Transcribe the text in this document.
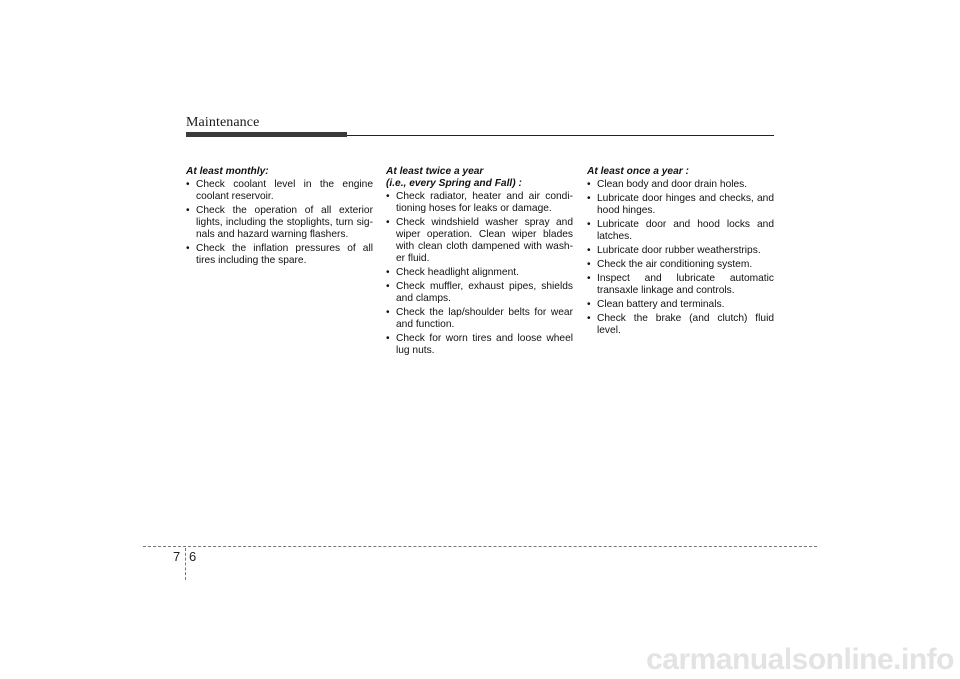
Maintenance
At least monthly:
• Check coolant level in the engine coolant reservoir.
• Check the operation of all exterior lights, including the stoplights, turn sig-nals and hazard warning flashers.
• Check the inflation pressures of all tires including the spare.
At least twice a year
(i.e., every Spring and Fall) :
• Check radiator, heater and air condi-tioning hoses for leaks or damage.
• Check windshield washer spray and wiper operation. Clean wiper blades with clean cloth dampened with wash-er fluid.
• Check headlight alignment.
• Check muffler, exhaust pipes, shields and clamps.
• Check the lap/shoulder belts for wear and function.
• Check for worn tires and loose wheel lug nuts.
At least once a year :
• Clean body and door drain holes.
• Lubricate door hinges and checks, and hood hinges.
• Lubricate door and hood locks and latches.
• Lubricate door rubber weatherstrips.
• Check the air conditioning system.
• Inspect and lubricate automatic transaxle linkage and controls.
• Clean battery and terminals.
• Check the brake (and clutch) fluid level.
7 6
carmanualsonline.info
